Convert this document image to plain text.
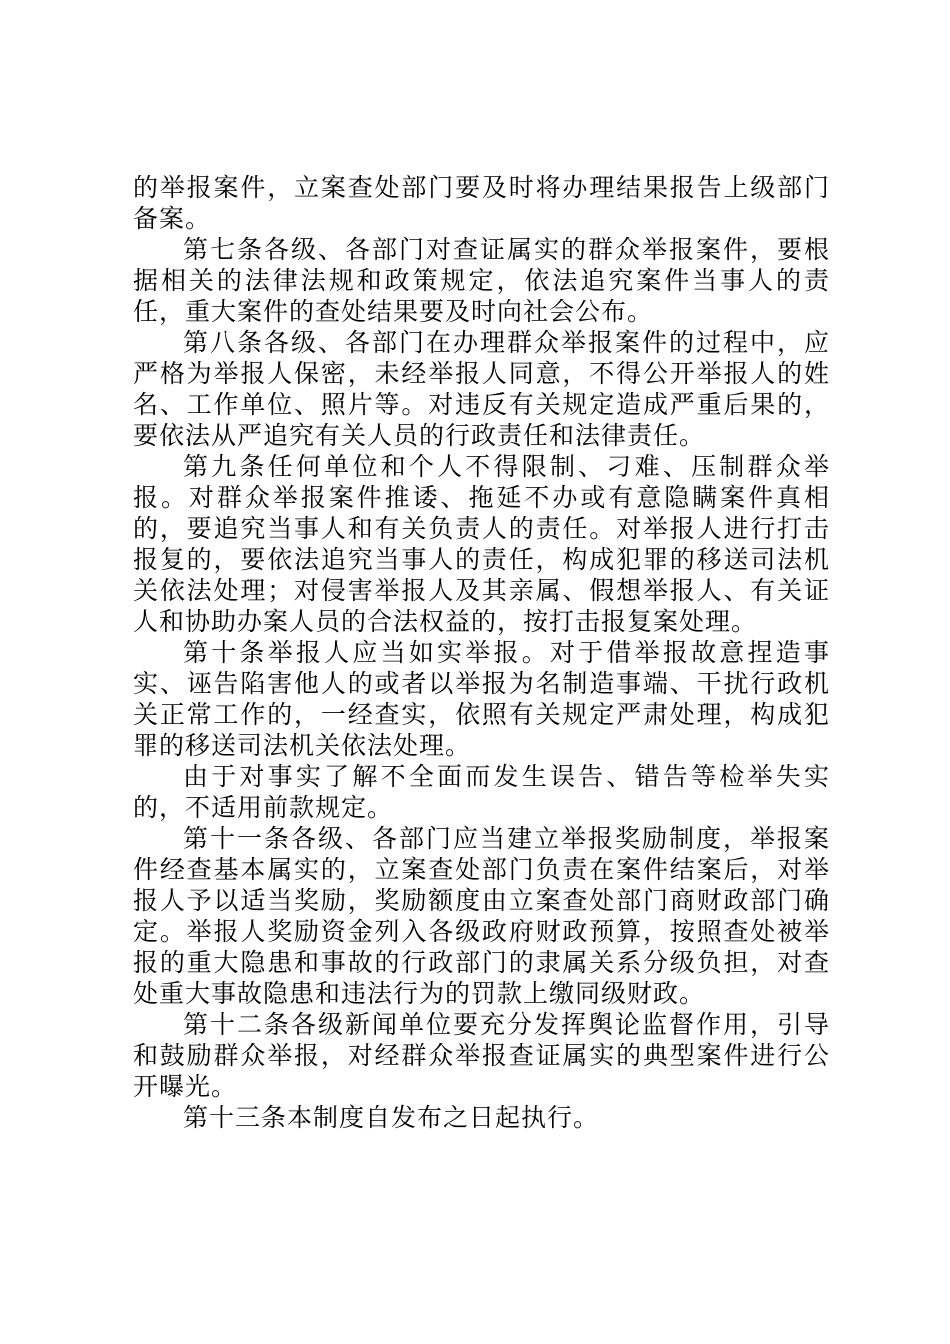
的举报案件，立案查处部门要及时将办理结果报告上级部门备案。

第七条各级、各部门对查证属实的群众举报案件，要根据相关的法律法规和政策规定，依法追究案件当事人的责任，重大案件的查处结果要及时向社会公布。

第八条各级、各部门在办理群众举报案件的过程中，应严格为举报人保密，未经举报人同意，不得公开举报人的姓名、工作单位、照片等。对违反有关规定造成严重后果的，要依法从严追究有关人员的行政责任和法律责任。

第九条任何单位和个人不得限制、刁难、压制群众举报。对群众举报案件推诿、拖延不办或有意隐瞒案件真相的，要追究当事人和有关负责人的责任。对举报人进行打击报复的，要依法追究当事人的责任，构成犯罪的移送司法机关依法处理；对侵害举报人及其亲属、假想举报人、有关证人和协助办案人员的合法权益的，按打击报复案处理。

第十条举报人应当如实举报。对于借举报故意捏造事实、诬告陷害他人的或者以举报为名制造事端、干扰行政机关正常工作的，一经查实，依照有关规定严肃处理，构成犯罪的移送司法机关依法处理。

由于对事实了解不全面而发生误告、错告等检举失实的，不适用前款规定。

第十一条各级、各部门应当建立举报奖励制度，举报案件经查基本属实的，立案查处部门负责在案件结案后，对举报人予以适当奖励，奖励额度由立案查处部门商财政部门确定。举报人奖励资金列入各级政府财政预算，按照查处被举报的重大隐患和事故的行政部门的隶属关系分级负担，对查处重大事故隐患和违法行为的罚款上缴同级财政。

第十二条各级新闻单位要充分发挥舆论监督作用，引导和鼓励群众举报，对经群众举报查证属实的典型案件进行公开曝光。

第十三条本制度自发布之日起执行。
